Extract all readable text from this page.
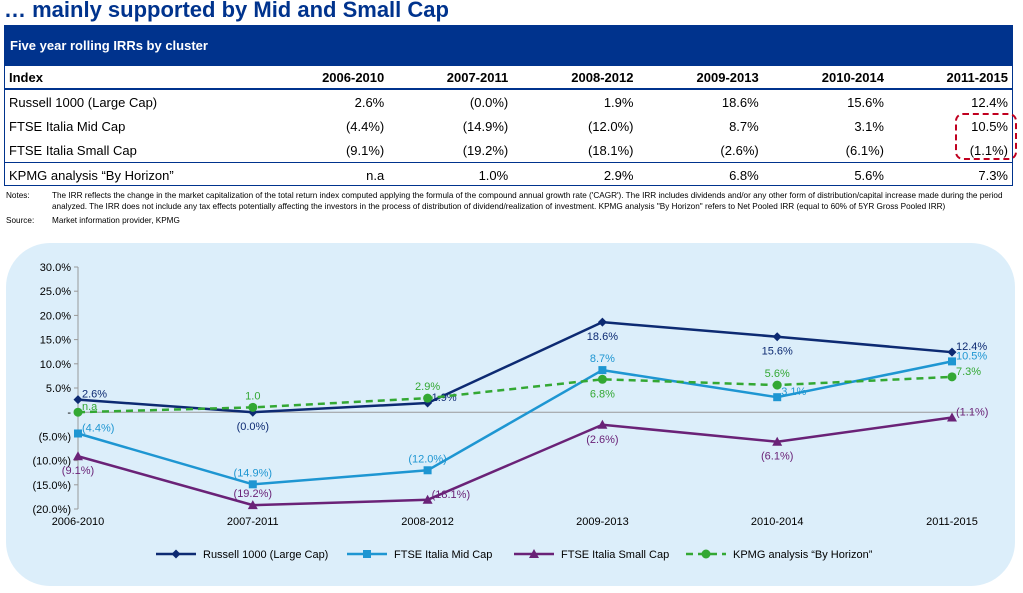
… mainly supported by Mid and Small Cap
Five year rolling IRRs by cluster
Index	2006-2010	2007-2011	2008-2012	2009-2013	2010-2014	2011-2015
Russell 1000 (Large Cap)	2.6%	(0.0%)	1.9%	18.6%	15.6%	12.4%
FTSE Italia Mid Cap	(4.4%)	(14.9%)	(12.0%)	8.7%	3.1%	10.5%
FTSE Italia Small Cap	(9.1%)	(19.2%)	(18.1%)	(2.6%)	(6.1%)	(1.1%)
KPMG analysis “By Horizon”	n.a	1.0%	2.9%	6.8%	5.6%	7.3%
Notes:	The IRR reflects the change in the market capitalization of the total return index computed applying the formula of the compound annual growth rate ('CAGR'). The IRR includes dividends and/or any other form of distribution/capital increase made during the period analyzed. The IRR does not include any tax effects potentially affecting the investors in the process of distribution of dividend/realization of investment. KPMG analysis "By Horizon" refers to Net Pooled IRR (equal to 60% of 5YR Gross Pooled IRR)
Source:	Market information provider, KPMG
30.0%
25.0%
20.0%
15.0%
10.0%
5.0%
-
(5.0%)
(10.0%)
(15.0%)
(20.0%)
2006-2010	2007-2011	2008-2012	2009-2013	2010-2014	2011-2015
2.6%
(0.0%)
1.9%
18.6%
15.6%	12.4%
(4.4%)
(14.9%)
(12.0%)
8.7%
3.1%
10.5%
(9.1%)
(19.2%)	(18.1%)
(2.6%)
(6.1%)
(1.1%)
n.a
1.0
2.9%
6.8%
5.6%	7.3%
Russell 1000 (Large Cap)	FTSE Italia Mid Cap	FTSE Italia Small Cap	KPMG analysis “By Horizon”
